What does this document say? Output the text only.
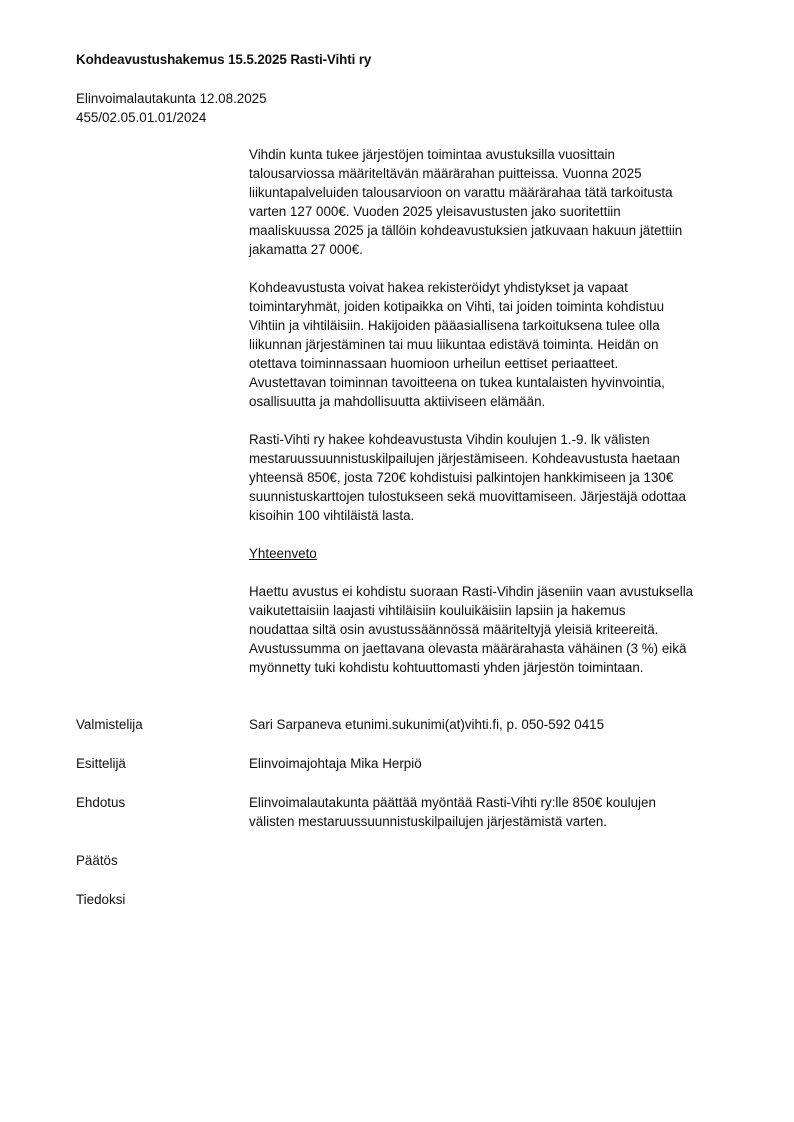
Kohdeavustushakemus 15.5.2025 Rasti-Vihti ry
Elinvoimalautakunta 12.08.2025
455/02.05.01.01/2024
Vihdin kunta tukee järjestöjen toimintaa avustuksilla vuosittain
talousarviossa määriteltävän määrärahan puitteissa. Vuonna 2025
liikuntapalveluiden talousarvioon on varattu määrärahaa tätä tarkoitusta
varten 127 000€. Vuoden 2025 yleisavustusten jako suoritettiin
maaliskuussa 2025 ja tällöin kohdeavustuksien jatkuvaan hakuun jätettiin
jakamatta 27 000€.
Kohdeavustusta voivat hakea rekisteröidyt yhdistykset ja vapaat
toimintaryhmät, joiden kotipaikka on Vihti, tai joiden toiminta kohdistuu
Vihtiin ja vihtiläisiin. Hakijoiden pääasiallisena tarkoituksena tulee olla
liikunnan järjestäminen tai muu liikuntaa edistävä toiminta. Heidän on
otettava toiminnassaan huomioon urheilun eettiset periaatteet.
Avustettavan toiminnan tavoitteena on tukea kuntalaisten hyvinvointia,
osallisuutta ja mahdollisuutta aktiiviseen elämään.
Rasti-Vihti ry hakee kohdeavustusta Vihdin koulujen 1.-9. lk välisten
mestaruussuunnistuskilpailujen järjestämiseen. Kohdeavustusta haetaan
yhteensä 850€, josta 720€ kohdistuisi palkintojen hankkimiseen ja 130€
suunnistuskarttojen tulostukseen sekä muovittamiseen. Järjestäjä odottaa
kisoihin 100 vihtiläistä lasta.
Yhteenveto
Haettu avustus ei kohdistu suoraan Rasti-Vihdin jäseniin vaan avustuksella
vaikutettaisiin laajasti vihtiläisiin kouluikäisiin lapsiin ja hakemus
noudattaa siltä osin avustussäännössä määriteltyjä yleisiä kriteereitä.
Avustussumma on jaettavana olevasta määrärahasta vähäinen (3 %) eikä
myönnetty tuki kohdistu kohtuuttomasti yhden järjestön toimintaan.
Valmistelija	Sari Sarpaneva etunimi.sukunimi(at)vihti.fi, p. 050-592 0415
Esittelijä	Elinvoimajohtaja Mika Herpiö
Ehdotus	Elinvoimalautakunta päättää myöntää Rasti-Vihti ry:lle 850€ koulujen
välisten mestaruussuunnistuskilpailujen järjestämistä varten.
Päätös
Tiedoksi
